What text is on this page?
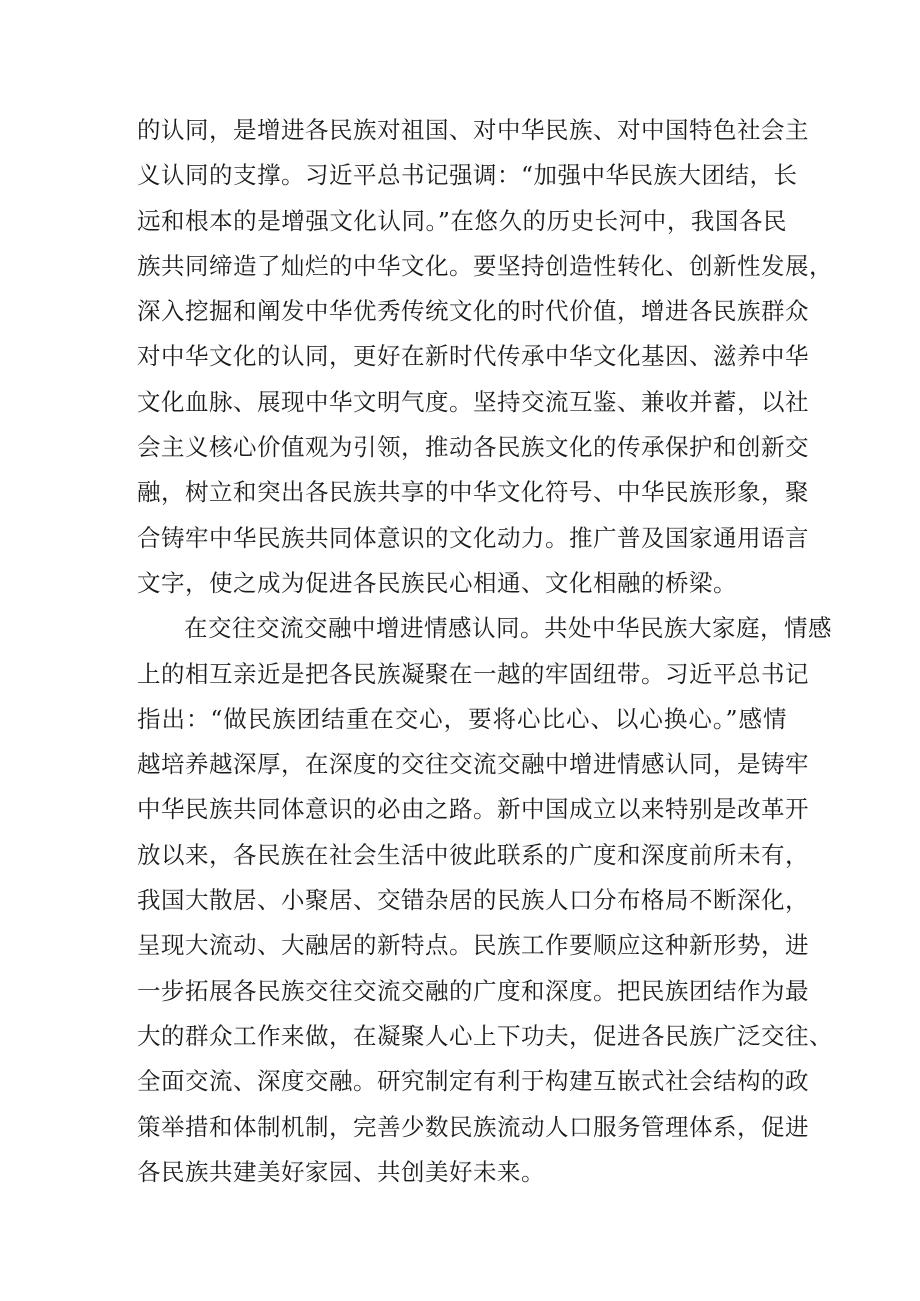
的认同，是增进各民族对祖国、对中华民族、对中国特色社会主
义认同的支撑。习近平总书记强调：“加强中华民族大团结，长
远和根本的是增强文化认同。”在悠久的历史长河中，我国各民
族共同缔造了灿烂的中华文化。要坚持创造性转化、创新性发展，
深入挖掘和阐发中华优秀传统文化的时代价值，增进各民族群众
对中华文化的认同，更好在新时代传承中华文化基因、滋养中华
文化血脉、展现中华文明气度。坚持交流互鉴、兼收并蓄，以社
会主义核心价值观为引领，推动各民族文化的传承保护和创新交
融，树立和突出各民族共享的中华文化符号、中华民族形象，聚
合铸牢中华民族共同体意识的文化动力。推广普及国家通用语言
文字，使之成为促进各民族民心相通、文化相融的桥梁。
在交往交流交融中增进情感认同。共处中华民族大家庭，情感
上的相互亲近是把各民族凝聚在一越的牢固纽带。习近平总书记
指出：“做民族团结重在交心，要将心比心、以心换心。”感情
越培养越深厚，在深度的交往交流交融中增进情感认同，是铸牢
中华民族共同体意识的必由之路。新中国成立以来特别是改革开
放以来，各民族在社会生活中彼此联系的广度和深度前所未有，
我国大散居、小聚居、交错杂居的民族人口分布格局不断深化，
呈现大流动、大融居的新特点。民族工作要顺应这种新形势，进
一步拓展各民族交往交流交融的广度和深度。把民族团结作为最
大的群众工作来做，在凝聚人心上下功夫，促进各民族广泛交往、
全面交流、深度交融。研究制定有利于构建互嵌式社会结构的政
策举措和体制机制，完善少数民族流动人口服务管理体系，促进
各民族共建美好家园、共创美好未来。
